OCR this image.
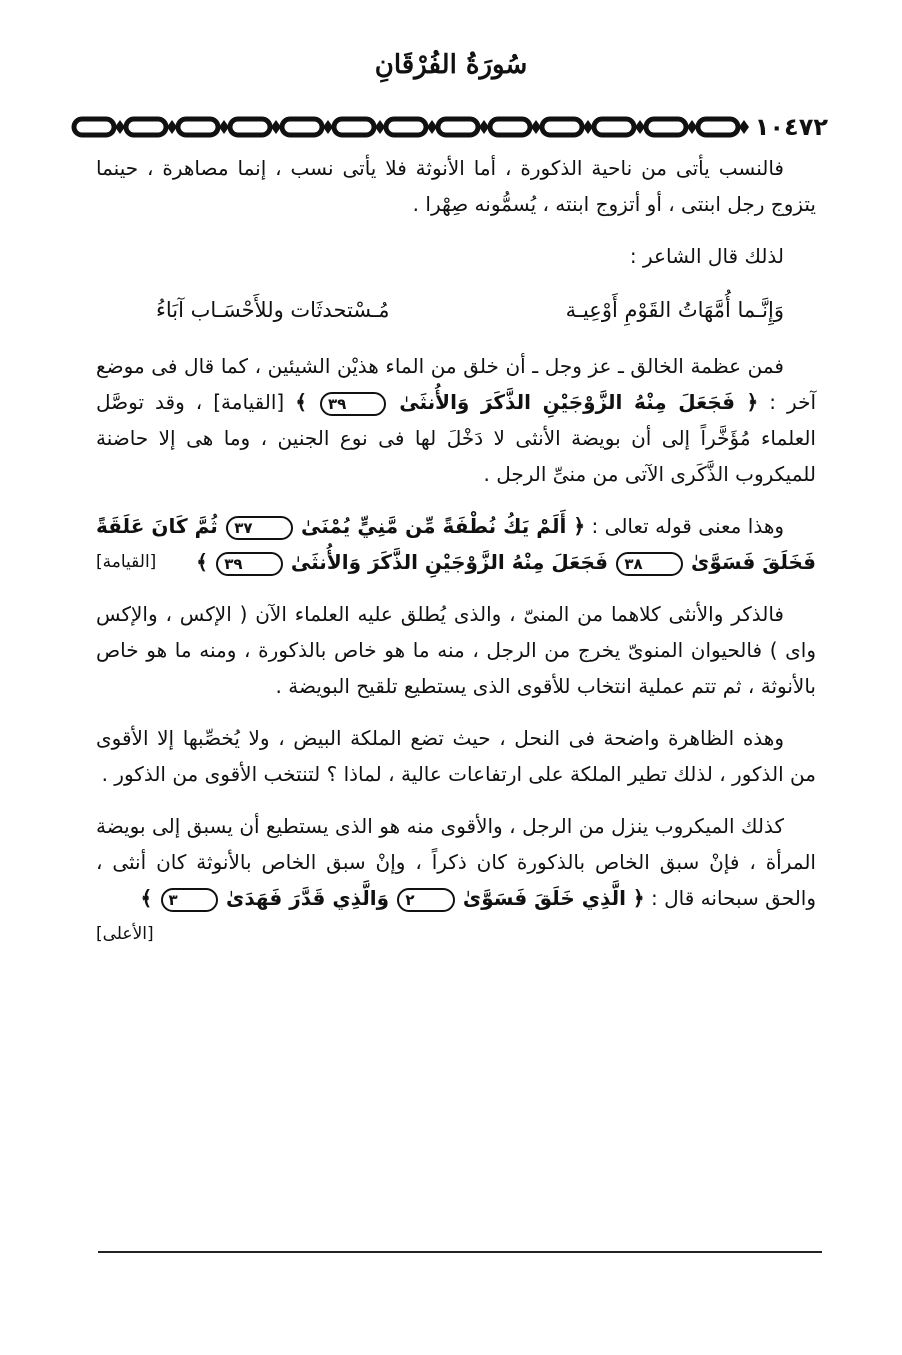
سُورَةُ الفُرْقَانِ
١٠٤٧٢

فالنسب يأتى من ناحية الذكورة ، أما الأنوثة فلا يأتى نسب ، إنما مصاهرة ، حينما يتزوج رجل ابنتى ، أو أتزوج ابنته ، يُسمُّونه صِهْرا .

لذلك قال الشاعر :

وَإِنَّـما أُمَّهَاتُ القَوْمِ أَوْعِيـة
مُـسْتحدثَات وللأَحْسَـاب آبَاءُ

فمن عظمة الخالق ـ عز وجل ـ أن خلق من الماء هذيْن الشيئين ، كما قال فى موضع آخر : ﴿ فَجَعَلَ مِنْهُ الزَّوْجَيْنِ الذَّكَرَ وَالأُنثَىٰ ٣٩ ﴾ [القيامة] ، وقد توصَّل العلماء مُؤَخَّراً إلى أن بويضة الأنثى لا دَخْلَ لها فى نوع الجنين ، وما هى إلا حاضنة للميكروب الذَّكَرى الآتى من منىِّ الرجل .

وهذا معنى قوله تعالى : ﴿ أَلَمْ يَكُ نُطْفَةً مِّن مَّنِيٍّ يُمْنَىٰ ٣٧ ثُمَّ كَانَ عَلَقَةً فَخَلَقَ فَسَوَّىٰ ٣٨ فَجَعَلَ مِنْهُ الزَّوْجَيْنِ الذَّكَرَ وَالأُنثَىٰ ٣٩ ﴾
[القيامة]

فالذكر والأنثى كلاهما من المنىّ ، والذى يُطلق عليه العلماء الآن ( الإكس ، والإكس واى ) فالحيوان المنوىّ يخرج من الرجل ، منه ما هو خاص بالذكورة ، ومنه ما هو خاص بالأنوثة ، ثم تتم عملية انتخاب للأقوى الذى يستطيع تلقيح البويضة .

وهذه الظاهرة واضحة فى النحل ، حيث تضع الملكة البيض ، ولا يُخصِّبها إلا الأقوى من الذكور ، لذلك تطير الملكة على ارتفاعات عالية ، لماذا ؟ لتنتخب الأقوى من الذكور .

كذلك الميكروب ينزل من الرجل ، والأقوى منه هو الذى يستطيع أن يسبق إلى بويضة المرأة ، فإنْ سبق الخاص بالذكورة كان ذكراً ، وإنْ سبق الخاص بالأنوثة كان أنثى ، والحق سبحانه قال : ﴿ الَّذِي خَلَقَ فَسَوَّىٰ ٢ وَالَّذِي قَدَّرَ فَهَدَىٰ ٣ ﴾
[الأعلى]
